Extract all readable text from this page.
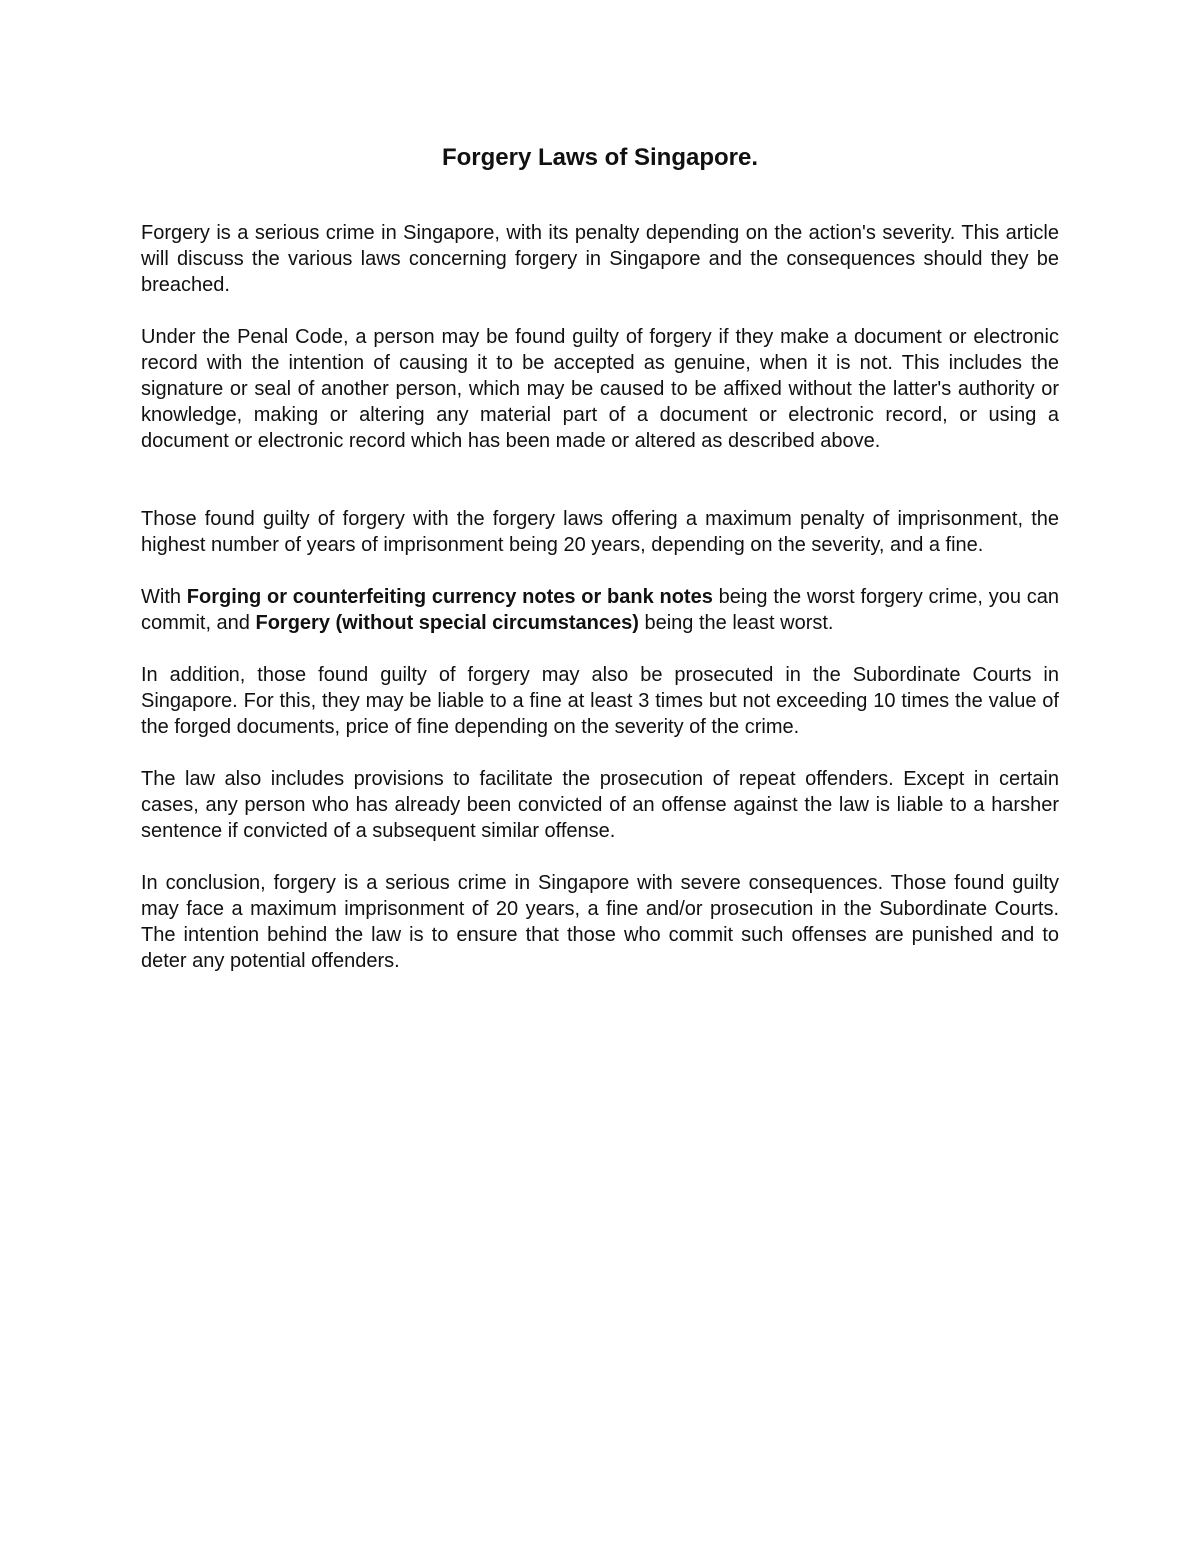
Forgery Laws of Singapore.

Forgery is a serious crime in Singapore, with its penalty depending on the action's severity. This article will discuss the various laws concerning forgery in Singapore and the consequences should they be breached.

Under the Penal Code, a person may be found guilty of forgery if they make a document or electronic record with the intention of causing it to be accepted as genuine, when it is not. This includes the signature or seal of another person, which may be caused to be affixed without the latter's authority or knowledge, making or altering any material part of a document or electronic record, or using a document or electronic record which has been made or altered as described above.

Those found guilty of forgery with the forgery laws offering a maximum penalty of imprisonment, the highest number of years of imprisonment being 20 years, depending on the severity, and a fine.

With Forging or counterfeiting currency notes or bank notes being the worst forgery crime, you can commit, and Forgery (without special circumstances) being the least worst.

In addition, those found guilty of forgery may also be prosecuted in the Subordinate Courts in Singapore. For this, they may be liable to a fine at least 3 times but not exceeding 10 times the value of the forged documents, price of fine depending on the severity of the crime.

The law also includes provisions to facilitate the prosecution of repeat offenders. Except in certain cases, any person who has already been convicted of an offense against the law is liable to a harsher sentence if convicted of a subsequent similar offense.

In conclusion, forgery is a serious crime in Singapore with severe consequences. Those found guilty may face a maximum imprisonment of 20 years, a fine and/or prosecution in the Subordinate Courts. The intention behind the law is to ensure that those who commit such offenses are punished and to deter any potential offenders.
